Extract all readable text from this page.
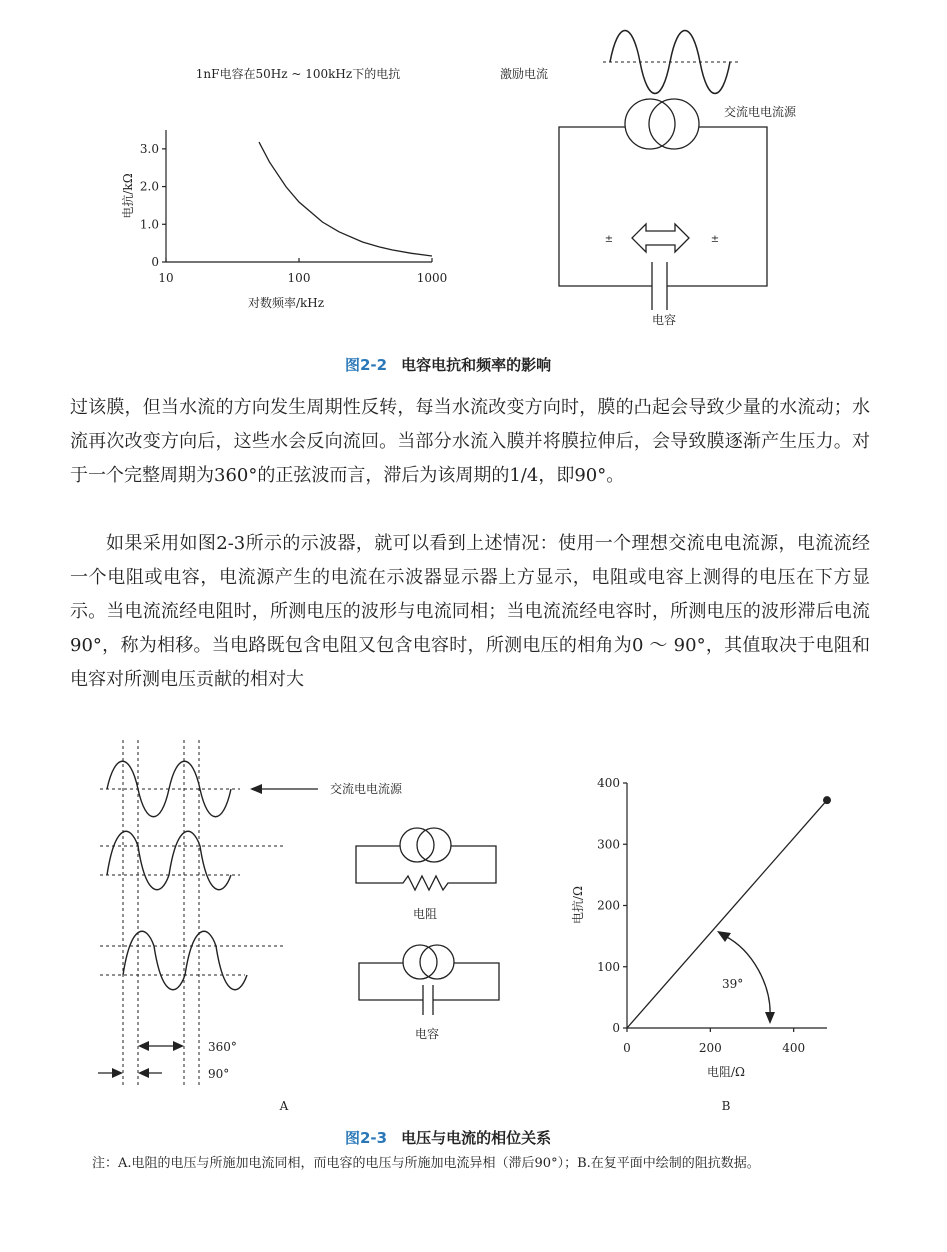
1nF电容在50Hz ~ 100kHz下的电抗
0
1.0
2.0
3.0
10	100	1000
电抗/kΩ
对数频率/kHz
激励电流
交流电电流源
电容
±	±
图2-2 电容电抗和频率的影响

过该膜，但当水流的方向发生周期性反转，每当水流改变方向时，膜的凸起会导致少量的水流动；水流再次改变方向后，这些水会反向流回。当部分水流入膜并将膜拉伸后，会导致膜逐渐产生压力。对于一个完整周期为360°的正弦波而言，滞后为该周期的1/4，即90°。

如果采用如图2-3所示的示波器，就可以看到上述情况：使用一个理想交流电电流源，电流流经一个电阻或电容，电流源产生的电流在示波器显示器上方显示，电阻或电容上测得的电压在下方显示。当电流流经电阻时，所测电压的波形与电流同相；当电流流经电容时，所测电压的波形滞后电流90°，称为相移。当电路既包含电阻又包含电容时，所测电压的相角为0 ～ 90°，其值取决于电阻和电容对所测电压贡献的相对大

交流电电流源
360°
90°
A
电阻
电容	0
100
200
300
400
0	200	400
39°
电抗/Ω
电阻/Ω
B
图2-3 电压与电流的相位关系
注：A.电阻的电压与所施加电流同相，而电容的电压与所施加电流异相（滞后90°）；B.在复平面中绘制的阻抗数据。
